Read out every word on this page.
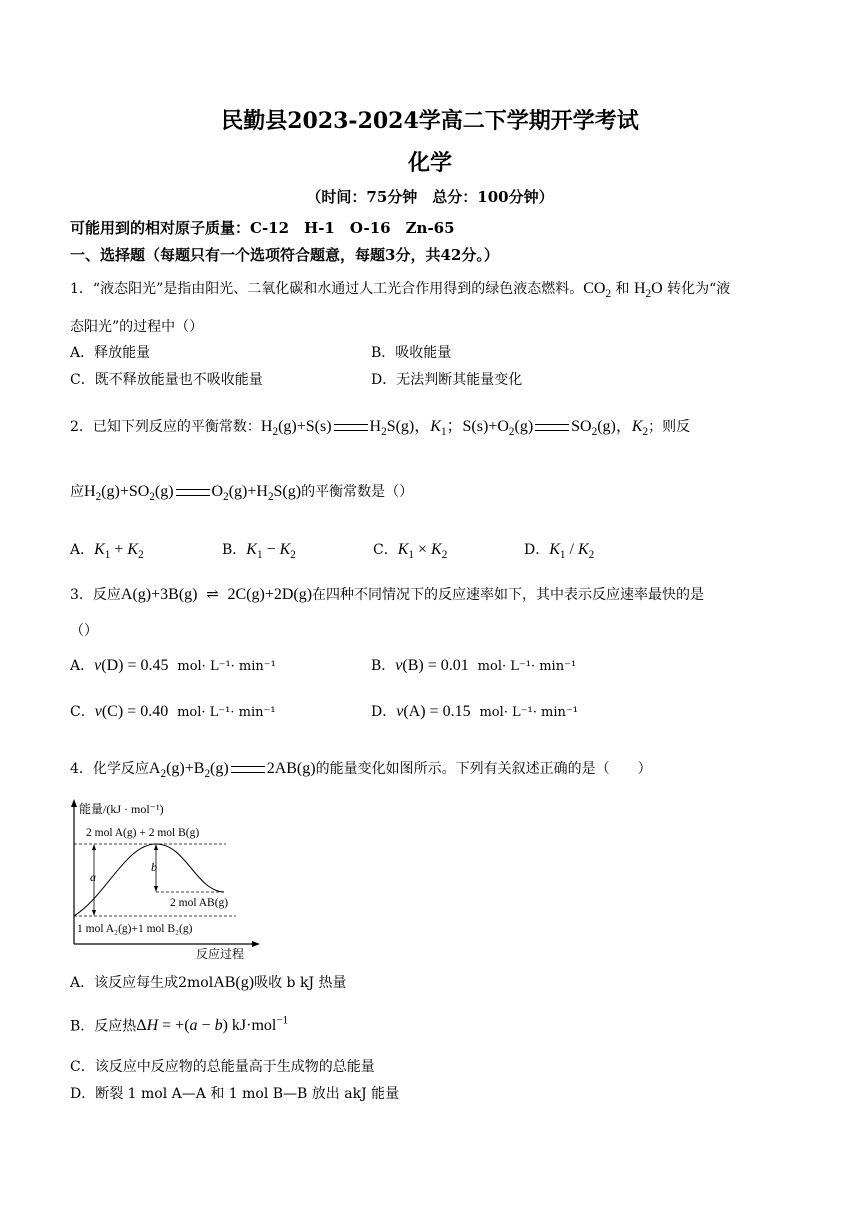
民勤县2023-2024学高二下学期开学考试
化学
（时间：75分钟　总分：100分钟）
可能用到的相对原子质量：C-12　H-1　O-16　Zn-65
一、选择题（每题只有一个选项符合题意，每题3分，共42分。）
1．“液态阳光”是指由阳光、二氧化碳和水通过人工光合作用得到的绿色液态燃料。$CO_2$ 和 $H_2O$ 转化为“液
态阳光”的过程中（）
A．释放能量	B．吸收能量
C．既不释放能量也不吸收能量	D．无法判断其能量变化
2．已知下列反应的平衡常数：$H_2(g)+S(s)$ $H_2S(g)$，$K_1$；$S(s)+O_2(g)$ $SO_2(g)$，$K_2$；则反
应$H_2(g)+SO_2(g)$ $O_2(g)+H_2S(g)$的平衡常数是（）
A．$K_1 + K_2$	B．$K_1 - K_2$	C．$K_1 \times K_2$	D．$K_1 / K_2$
3．反应A(g)+3B(g) ⇌ 2C(g)+2D(g)在四种不同情况下的反应速率如下，其中表示反应速率最快的是
（）
A．v(D) = 0.45 mol· L⁻¹· min⁻¹	B．v(B) = 0.01 mol· L⁻¹· min⁻¹
C．v(C) = 0.40 mol· L⁻¹· min⁻¹	D．v(A) = 0.15 mol· L⁻¹· min⁻¹
4．化学反应$A_2(g)+B_2(g)$ 2AB(g)的能量变化如图所示。下列有关叙述正确的是（　　）
能量/(kJ · mol⁻¹)
2 mol A(g) + 2 mol B(g)
a
b
2 mol AB(g)
1 mol A₂(g)+1 mol B₂(g)
反应过程
A．该反应每生成2molAB(g)吸收 b kJ 热量
B．反应热ΔH = +(a − b) kJ·mol$^{-1}$
C．该反应中反应物的总能量高于生成物的总能量
D．断裂 1 mol A—A 和 1 mol B—B 放出 akJ 能量
